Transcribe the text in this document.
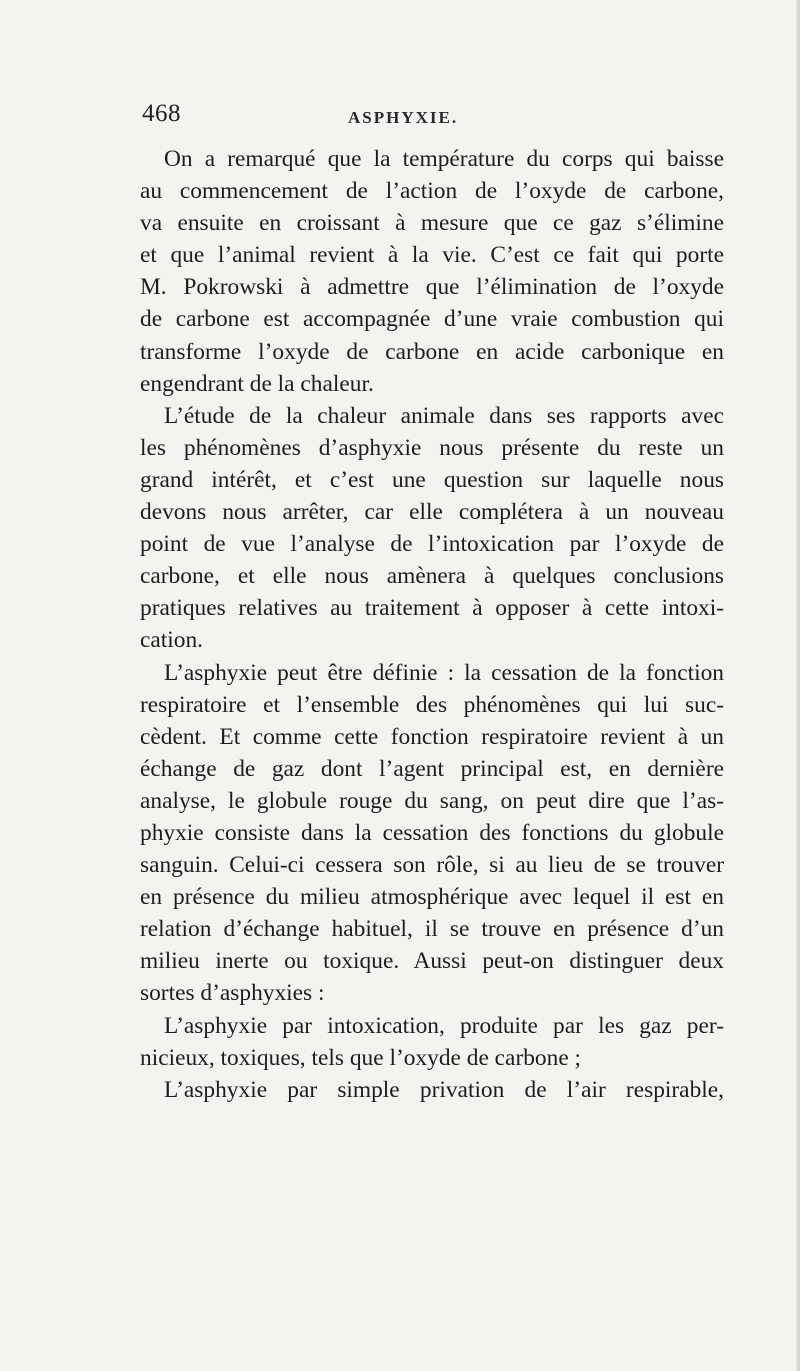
468	ASPHYXIE.
On a remarqué que la température du corps qui baisse
au commencement de l’action de l’oxyde de carbone,
va ensuite en croissant à mesure que ce gaz s’élimine
et que l’animal revient à la vie. C’est ce fait qui porte
M. Pokrowski à admettre que l’élimination de l’oxyde
de carbone est accompagnée d’une vraie combustion qui
transforme l’oxyde de carbone en acide carbonique en
engendrant de la chaleur.
L’étude de la chaleur animale dans ses rapports avec
les phénomènes d’asphyxie nous présente du reste un
grand intérêt, et c’est une question sur laquelle nous
devons nous arrêter, car elle complétera à un nouveau
point de vue l’analyse de l’intoxication par l’oxyde de
carbone, et elle nous amènera à quelques conclusions
pratiques relatives au traitement à opposer à cette intoxi-
cation.
L’asphyxie peut être définie : la cessation de la fonction
respiratoire et l’ensemble des phénomènes qui lui suc-
cèdent. Et comme cette fonction respiratoire revient à un
échange de gaz dont l’agent principal est, en dernière
analyse, le globule rouge du sang, on peut dire que l’as-
phyxie consiste dans la cessation des fonctions du globule
sanguin. Celui-ci cessera son rôle, si au lieu de se trouver
en présence du milieu atmosphérique avec lequel il est en
relation d’échange habituel, il se trouve en présence d’un
milieu inerte ou toxique. Aussi peut-on distinguer deux
sortes d’asphyxies :
L’asphyxie par intoxication, produite par les gaz per-
nicieux, toxiques, tels que l’oxyde de carbone ;
L’asphyxie par simple privation de l’air respirable,
